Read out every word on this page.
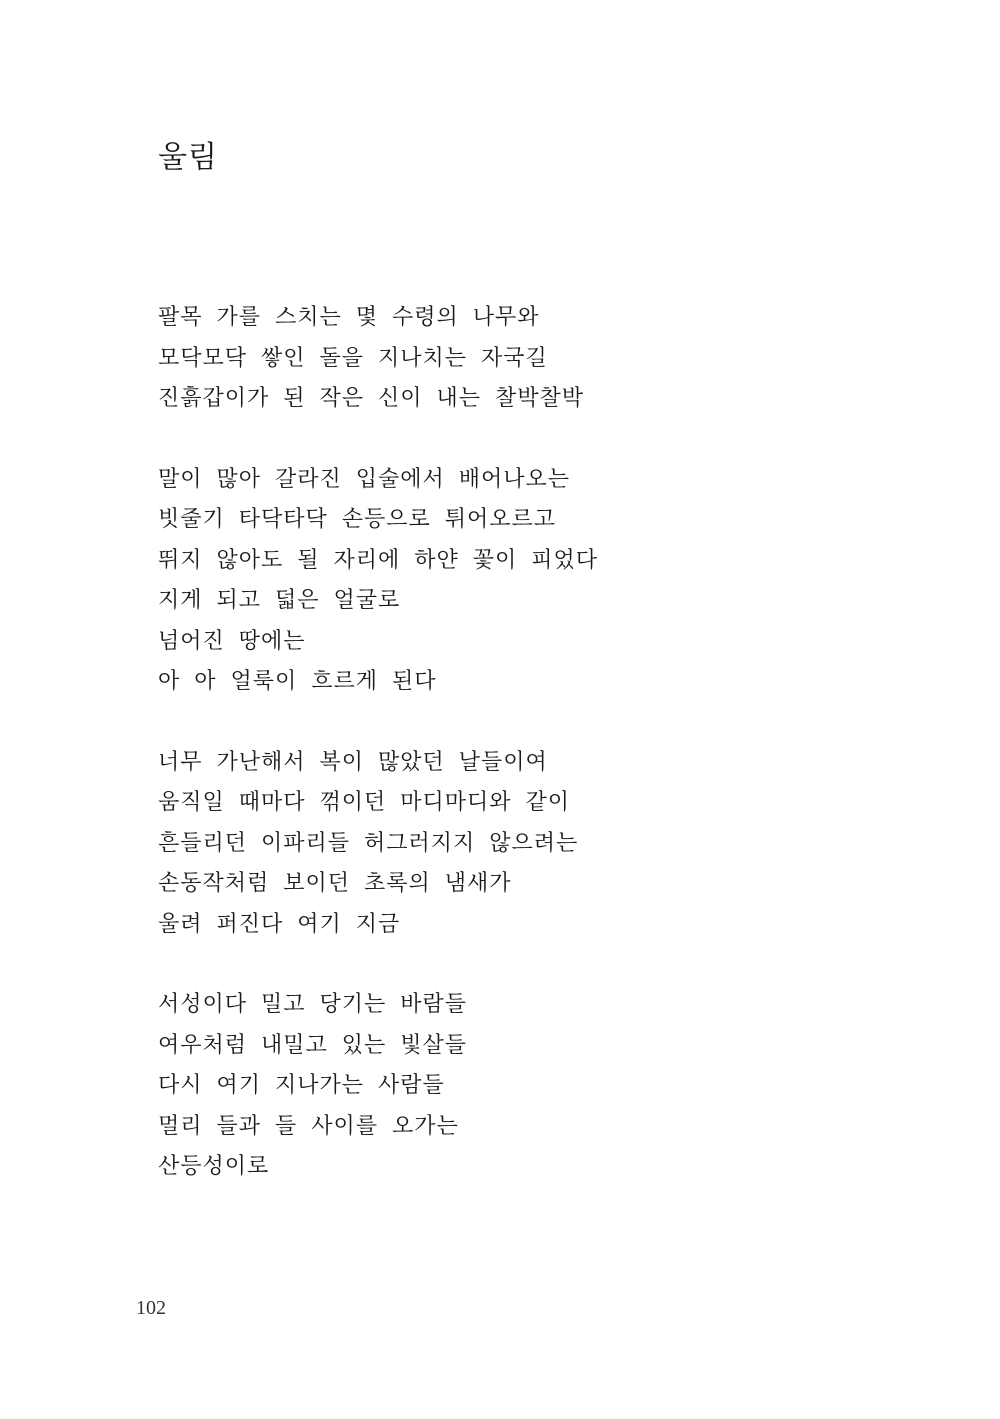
울림
팔목 가를 스치는 몇 수령의 나무와
모닥모닥 쌓인 돌을 지나치는 자국길
진흙갑이가 된 작은 신이 내는 찰박찰박
말이 많아 갈라진 입술에서 배어나오는
빗줄기 타닥타닥 손등으로 튀어오르고
뛰지 않아도 될 자리에 하얀 꽃이 피었다
지게 되고 덟은 얼굴로
넘어진 땅에는
아 아 얼룩이 흐르게 된다
너무 가난해서 복이 많았던 날들이여
움직일 때마다 꺾이던 마디마디와 같이
흔들리던 이파리들 허그러지지 않으려는
손동작처럼 보이던 초록의 냄새가
울려 퍼진다 여기 지금
서성이다 밀고 당기는 바람들
여우처럼 내밀고 있는 빛살들
다시 여기 지나가는 사람들
멀리 들과 들 사이를 오가는
산등성이로
102
